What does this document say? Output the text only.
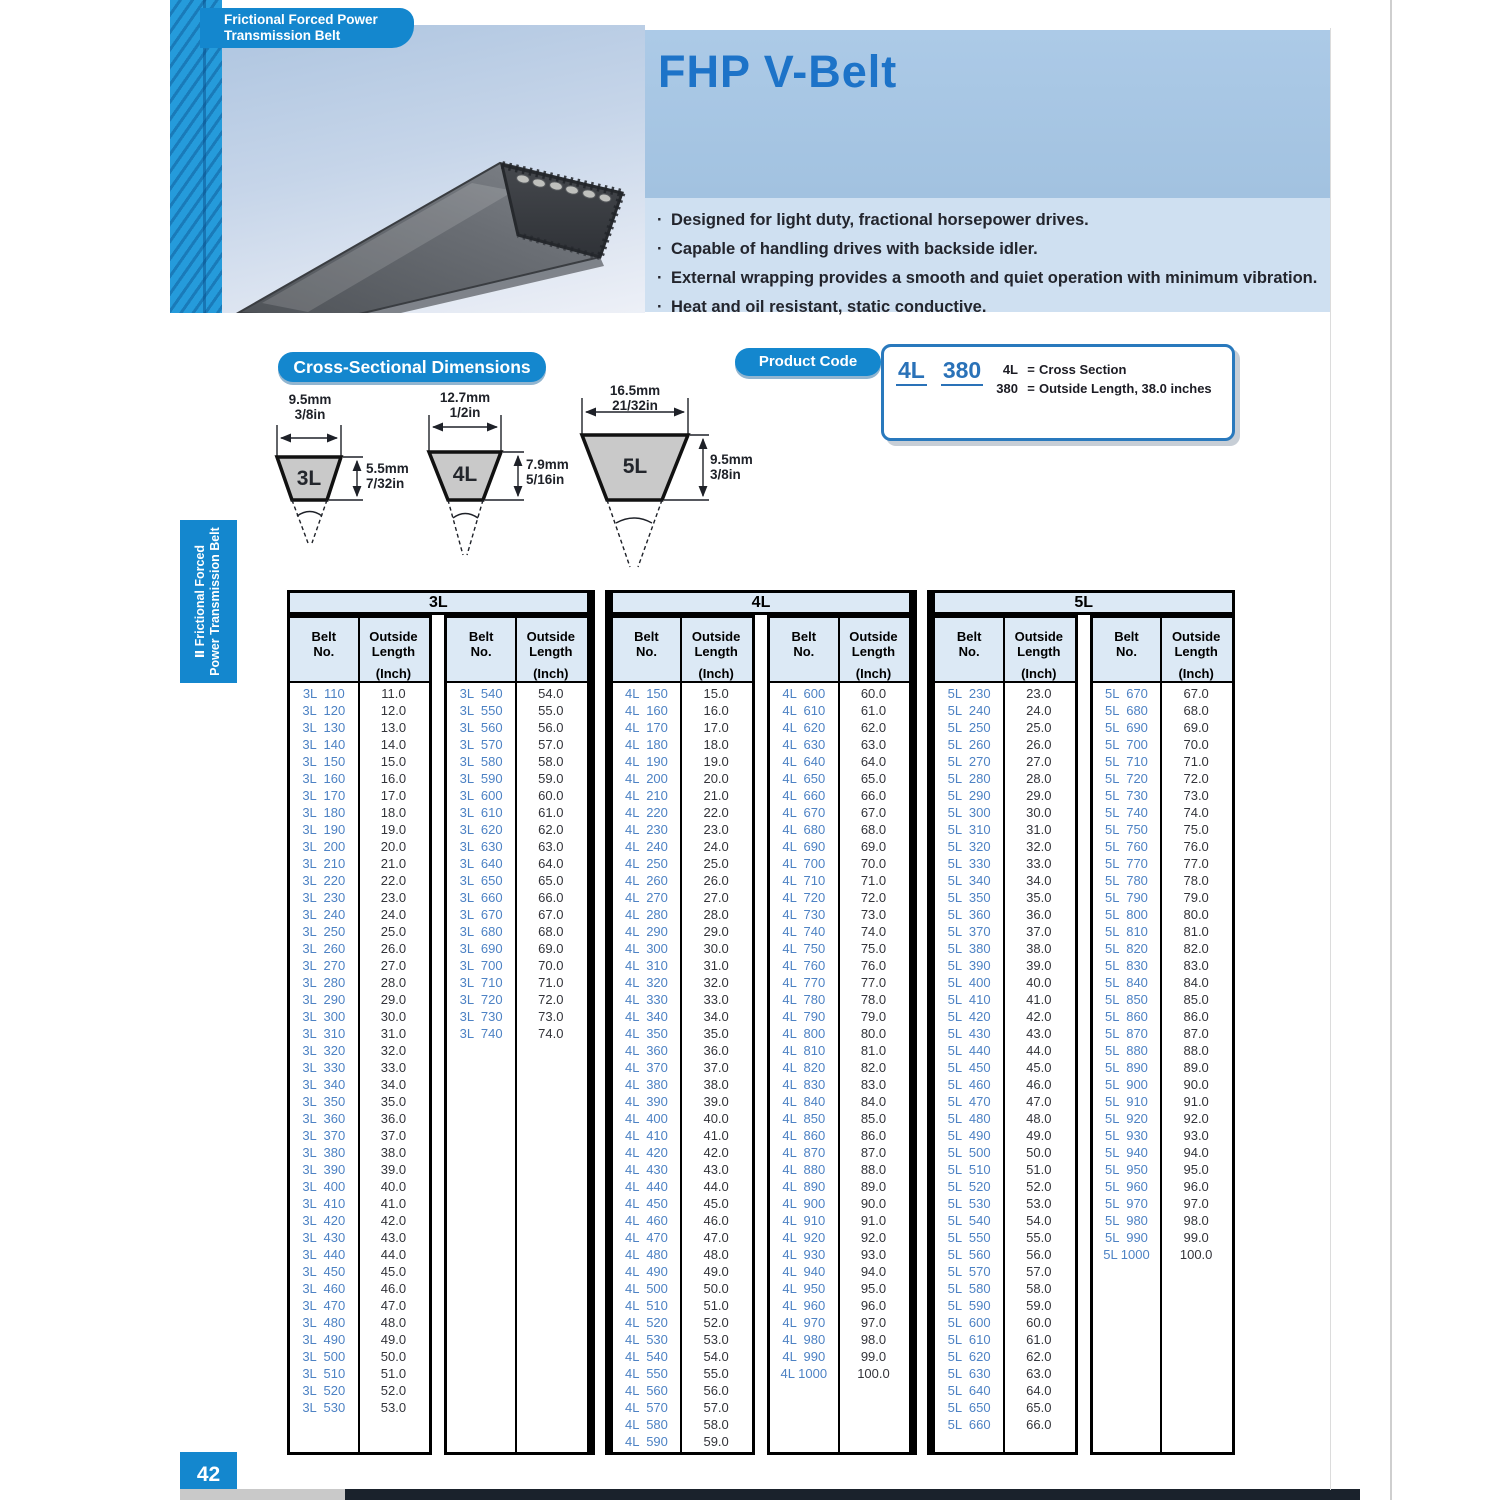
Frictional Forced Power
Transmission Belt
FHP V-Belt
· Designed for light duty, fractional horsepower drives.
· Capable of handling drives with backside idler.
· External wrapping provides a smooth and quiet operation with minimum vibration.
· Heat and oil resistant, static conductive.
Cross-Sectional Dimensions	Product Code	4L 380	4L = Cross Section
380 = Outside Length, 38.0 inches
9.5mm
3/8in
5.5mm
7/32in
3L
12.7mm
1/2in
7.9mm
5/16in
4L
16.5mm
21/32in
9.5mm
3/8in
5L
Ⅱ Frictional Forced Power Transmission Belt	3L
Belt
No.
Outside
Length
(Inch)
3L  110	11.0
3L  120	12.0
3L  130	13.0
3L  140	14.0
3L  150	15.0
3L  160	16.0
3L  170	17.0
3L  180	18.0
3L  190	19.0
3L  200	20.0
3L  210	21.0
3L  220	22.0
3L  230	23.0
3L  240	24.0
3L  250	25.0
3L  260	26.0
3L  270	27.0
3L  280	28.0
3L  290	29.0
3L  300	30.0
3L  310	31.0
3L  320	32.0
3L  330	33.0
3L  340	34.0
3L  350	35.0
3L  360	36.0
3L  370	37.0
3L  380	38.0
3L  390	39.0
3L  400	40.0
3L  410	41.0
3L  420	42.0
3L  430	43.0
3L  440	44.0
3L  450	45.0
3L  460	46.0
3L  470	47.0
3L  480	48.0
3L  490	49.0
3L  500	50.0
3L  510	51.0
3L  520	52.0
3L  530	53.0
Belt
No.
Outside
Length
(Inch)
3L  540	54.0
3L  550	55.0
3L  560	56.0
3L  570	57.0
3L  580	58.0
3L  590	59.0
3L  600	60.0
3L  610	61.0
3L  620	62.0
3L  630	63.0
3L  640	64.0
3L  650	65.0
3L  660	66.0
3L  670	67.0
3L  680	68.0
3L  690	69.0
3L  700	70.0
3L  710	71.0
3L  720	72.0
3L  730	73.0
3L  740	74.0
4L
Belt
No.
Outside
Length
(Inch)
4L  150	15.0
4L  160	16.0
4L  170	17.0
4L  180	18.0
4L  190	19.0
4L  200	20.0
4L  210	21.0
4L  220	22.0
4L  230	23.0
4L  240	24.0
4L  250	25.0
4L  260	26.0
4L  270	27.0
4L  280	28.0
4L  290	29.0
4L  300	30.0
4L  310	31.0
4L  320	32.0
4L  330	33.0
4L  340	34.0
4L  350	35.0
4L  360	36.0
4L  370	37.0
4L  380	38.0
4L  390	39.0
4L  400	40.0
4L  410	41.0
4L  420	42.0
4L  430	43.0
4L  440	44.0
4L  450	45.0
4L  460	46.0
4L  470	47.0
4L  480	48.0
4L  490	49.0
4L  500	50.0
4L  510	51.0
4L  520	52.0
4L  530	53.0
4L  540	54.0
4L  550	55.0
4L  560	56.0
4L  570	57.0
4L  580	58.0
4L  590	59.0
Belt
No.
Outside
Length
(Inch)
4L  600	60.0
4L  610	61.0
4L  620	62.0
4L  630	63.0
4L  640	64.0
4L  650	65.0
4L  660	66.0
4L  670	67.0
4L  680	68.0
4L  690	69.0
4L  700	70.0
4L  710	71.0
4L  720	72.0
4L  730	73.0
4L  740	74.0
4L  750	75.0
4L  760	76.0
4L  770	77.0
4L  780	78.0
4L  790	79.0
4L  800	80.0
4L  810	81.0
4L  820	82.0
4L  830	83.0
4L  840	84.0
4L  850	85.0
4L  860	86.0
4L  870	87.0
4L  880	88.0
4L  890	89.0
4L  900	90.0
4L  910	91.0
4L  920	92.0
4L  930	93.0
4L  940	94.0
4L  950	95.0
4L  960	96.0
4L  970	97.0
4L  980	98.0
4L  990	99.0
4L 1000	100.0
5L
Belt
No.
Outside
Length
(Inch)
5L  230	23.0
5L  240	24.0
5L  250	25.0
5L  260	26.0
5L  270	27.0
5L  280	28.0
5L  290	29.0
5L  300	30.0
5L  310	31.0
5L  320	32.0
5L  330	33.0
5L  340	34.0
5L  350	35.0
5L  360	36.0
5L  370	37.0
5L  380	38.0
5L  390	39.0
5L  400	40.0
5L  410	41.0
5L  420	42.0
5L  430	43.0
5L  440	44.0
5L  450	45.0
5L  460	46.0
5L  470	47.0
5L  480	48.0
5L  490	49.0
5L  500	50.0
5L  510	51.0
5L  520	52.0
5L  530	53.0
5L  540	54.0
5L  550	55.0
5L  560	56.0
5L  570	57.0
5L  580	58.0
5L  590	59.0
5L  600	60.0
5L  610	61.0
5L  620	62.0
5L  630	63.0
5L  640	64.0
5L  650	65.0
5L  660	66.0
Belt
No.
Outside
Length
(Inch)
5L  670	67.0
5L  680	68.0
5L  690	69.0
5L  700	70.0
5L  710	71.0
5L  720	72.0
5L  730	73.0
5L  740	74.0
5L  750	75.0
5L  760	76.0
5L  770	77.0
5L  780	78.0
5L  790	79.0
5L  800	80.0
5L  810	81.0
5L  820	82.0
5L  830	83.0
5L  840	84.0
5L  850	85.0
5L  860	86.0
5L  870	87.0
5L  880	88.0
5L  890	89.0
5L  900	90.0
5L  910	91.0
5L  920	92.0
5L  930	93.0
5L  940	94.0
5L  950	95.0
5L  960	96.0
5L  970	97.0
5L  980	98.0
5L  990	99.0
5L 1000	100.0
42
